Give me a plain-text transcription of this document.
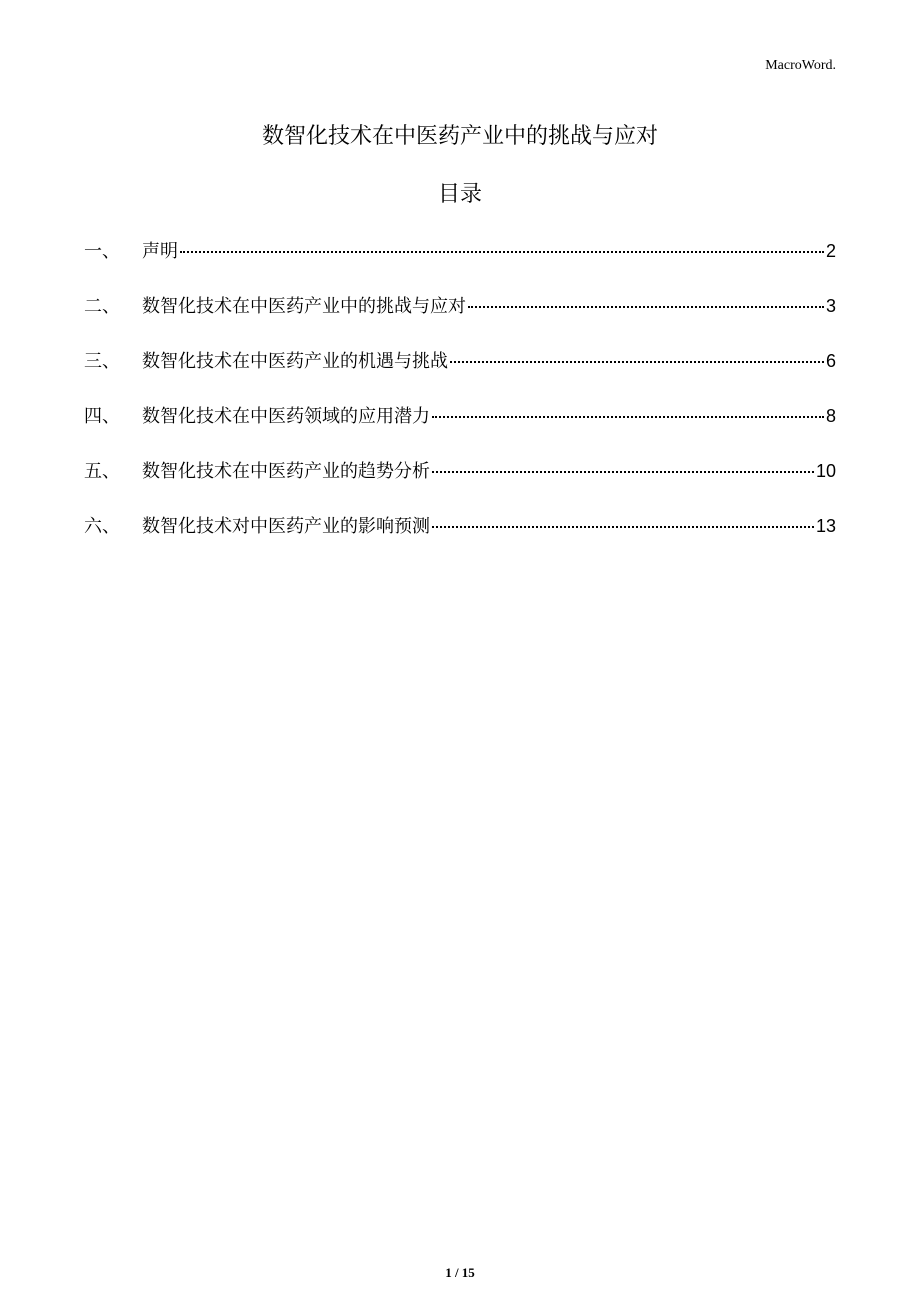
MacroWord.
数智化技术在中医药产业中的挑战与应对
目录
一、	声明	2
二、	数智化技术在中医药产业中的挑战与应对	3
三、	数智化技术在中医药产业的机遇与挑战	6
四、	数智化技术在中医药领域的应用潜力	8
五、	数智化技术在中医药产业的趋势分析	10
六、	数智化技术对中医药产业的影响预测	13
1 / 15
